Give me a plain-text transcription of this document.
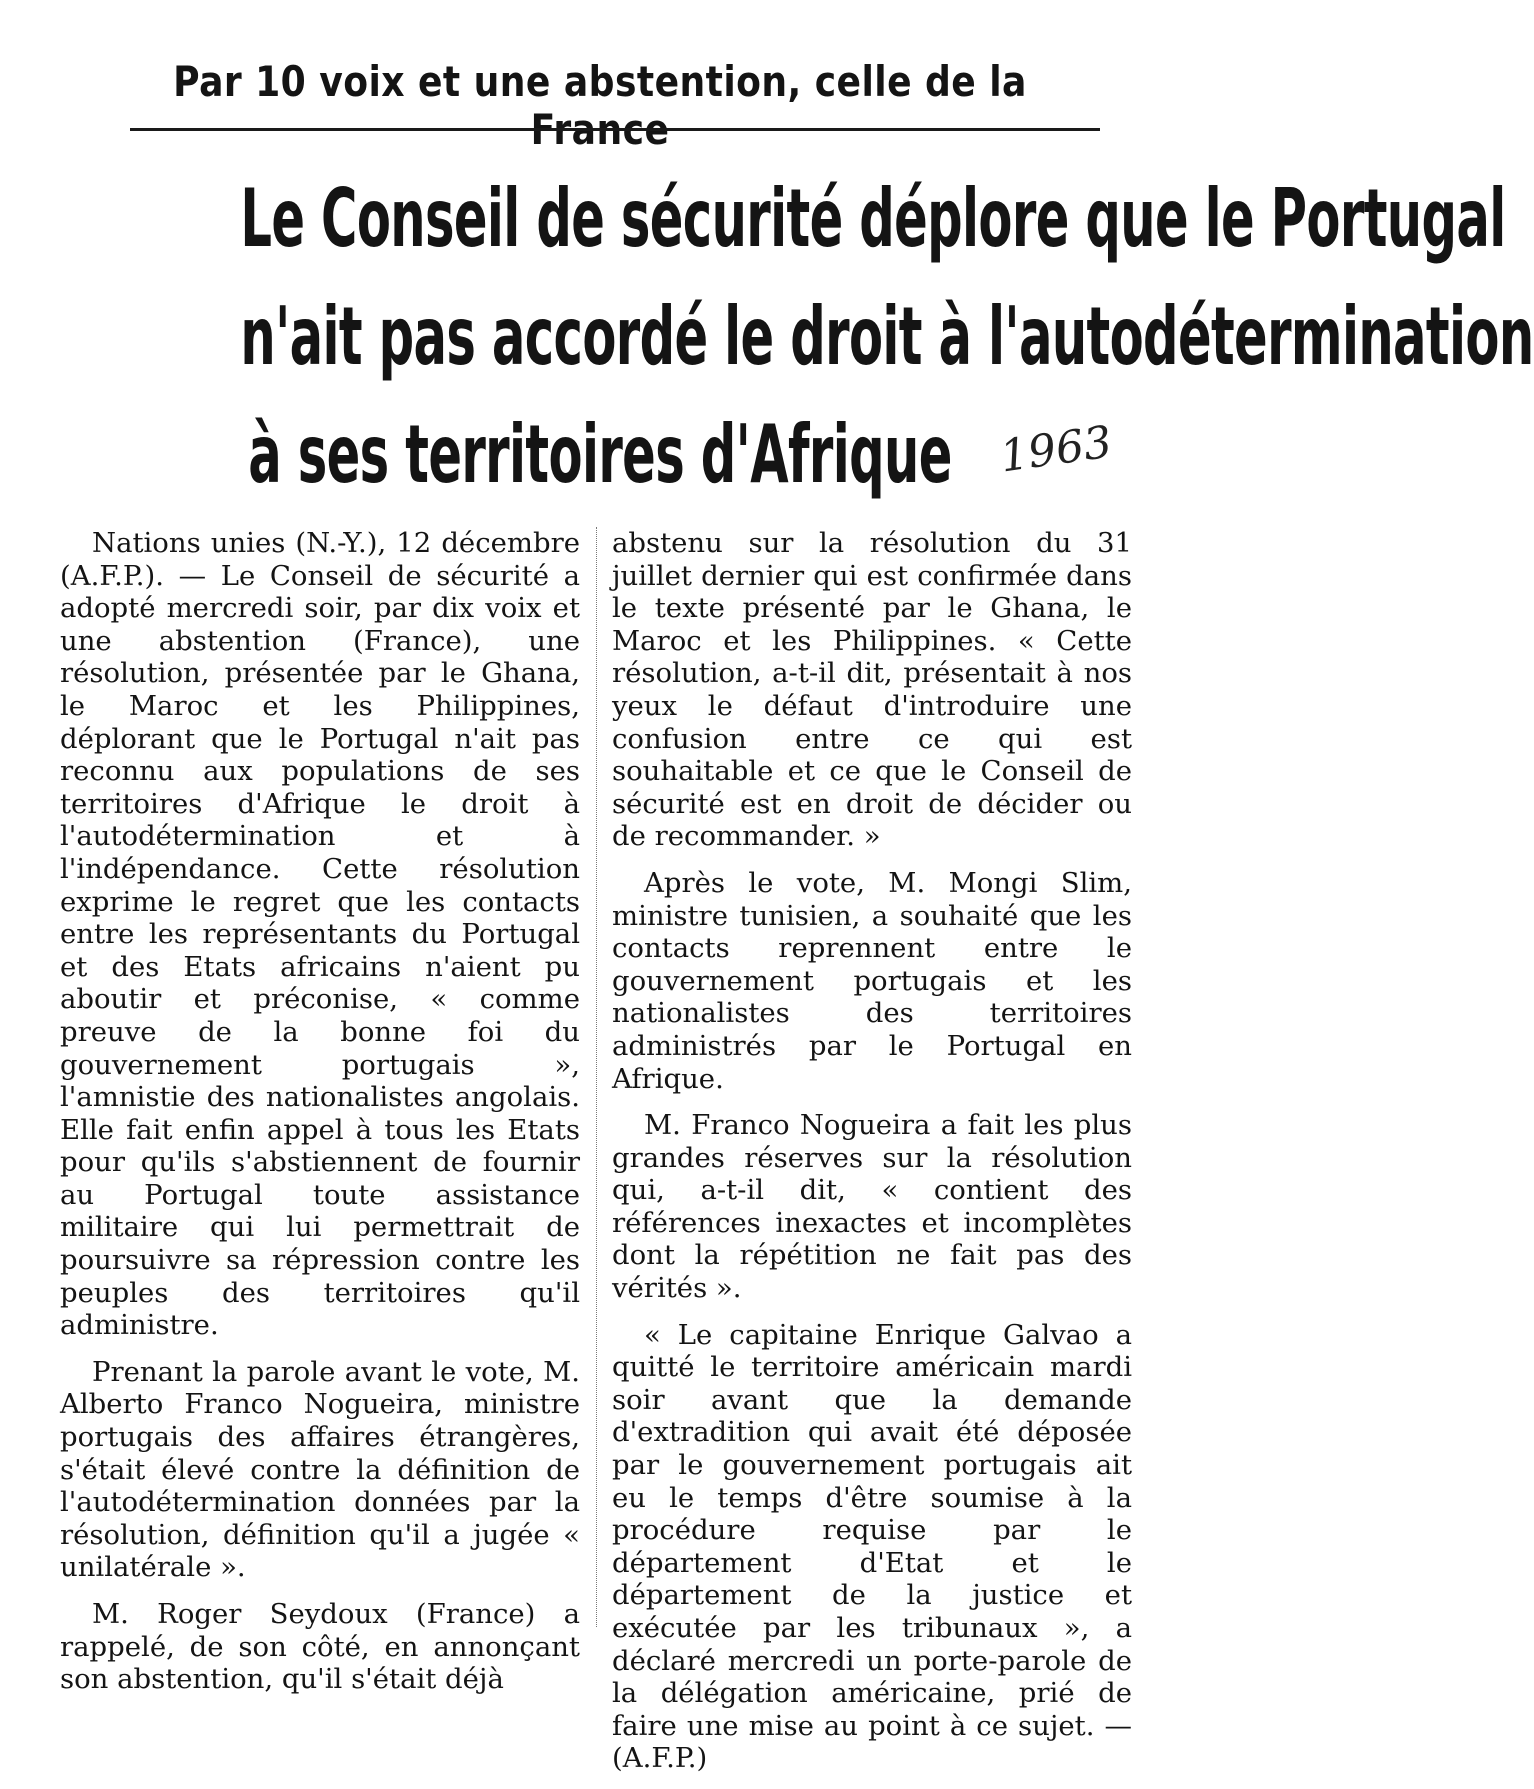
Par 10 voix et une abstention, celle de la France
Le Conseil de sécurité déplore que le Portugal
n'ait pas accordé le droit à l'autodétermination
à ses territoires d'Afrique 1963

Nations unies (N.-Y.), 12 décembre (A.F.P.). — Le Conseil de sécurité a adopté mercredi soir, par dix voix et une abstention (France), une résolution, présentée par le Ghana, le Maroc et les Philippines, déplorant que le Portugal n'ait pas reconnu aux populations de ses territoires d'Afrique le droit à l'autodétermination et à l'indépendance. Cette résolution exprime le regret que les contacts entre les représentants du Portugal et des Etats africains n'aient pu aboutir et préconise, « comme preuve de la bonne foi du gouvernement portugais », l'amnistie des nationalistes angolais. Elle fait enfin appel à tous les Etats pour qu'ils s'abstiennent de fournir au Portugal toute assistance militaire qui lui permettrait de poursuivre sa répression contre les peuples des territoires qu'il administre.

Prenant la parole avant le vote, M. Alberto Franco Nogueira, ministre portugais des affaires étrangères, s'était élevé contre la définition de l'autodétermination données par la résolution, définition qu'il a jugée « unilatérale ».

M. Roger Seydoux (France) a rappelé, de son côté, en annonçant son abstention, qu'il s'était déjà

abstenu sur la résolution du 31 juillet dernier qui est confirmée dans le texte présenté par le Ghana, le Maroc et les Philippines. « Cette résolution, a-t-il dit, présentait à nos yeux le défaut d'introduire une confusion entre ce qui est souhaitable et ce que le Conseil de sécurité est en droit de décider ou de recommander. »

Après le vote, M. Mongi Slim, ministre tunisien, a souhaité que les contacts reprennent entre le gouvernement portugais et les nationalistes des territoires administrés par le Portugal en Afrique.

M. Franco Nogueira a fait les plus grandes réserves sur la résolution qui, a-t-il dit, « contient des références inexactes et incomplètes dont la répétition ne fait pas des vérités ».

« Le capitaine Enrique Galvao a quitté le territoire américain mardi soir avant que la demande d'extradition qui avait été déposée par le gouvernement portugais ait eu le temps d'être soumise à la procédure requise par le département d'Etat et le département de la justice et exécutée par les tribunaux », a déclaré mercredi un porte-parole de la délégation américaine, prié de faire une mise au point à ce sujet. — (A.F.P.)
